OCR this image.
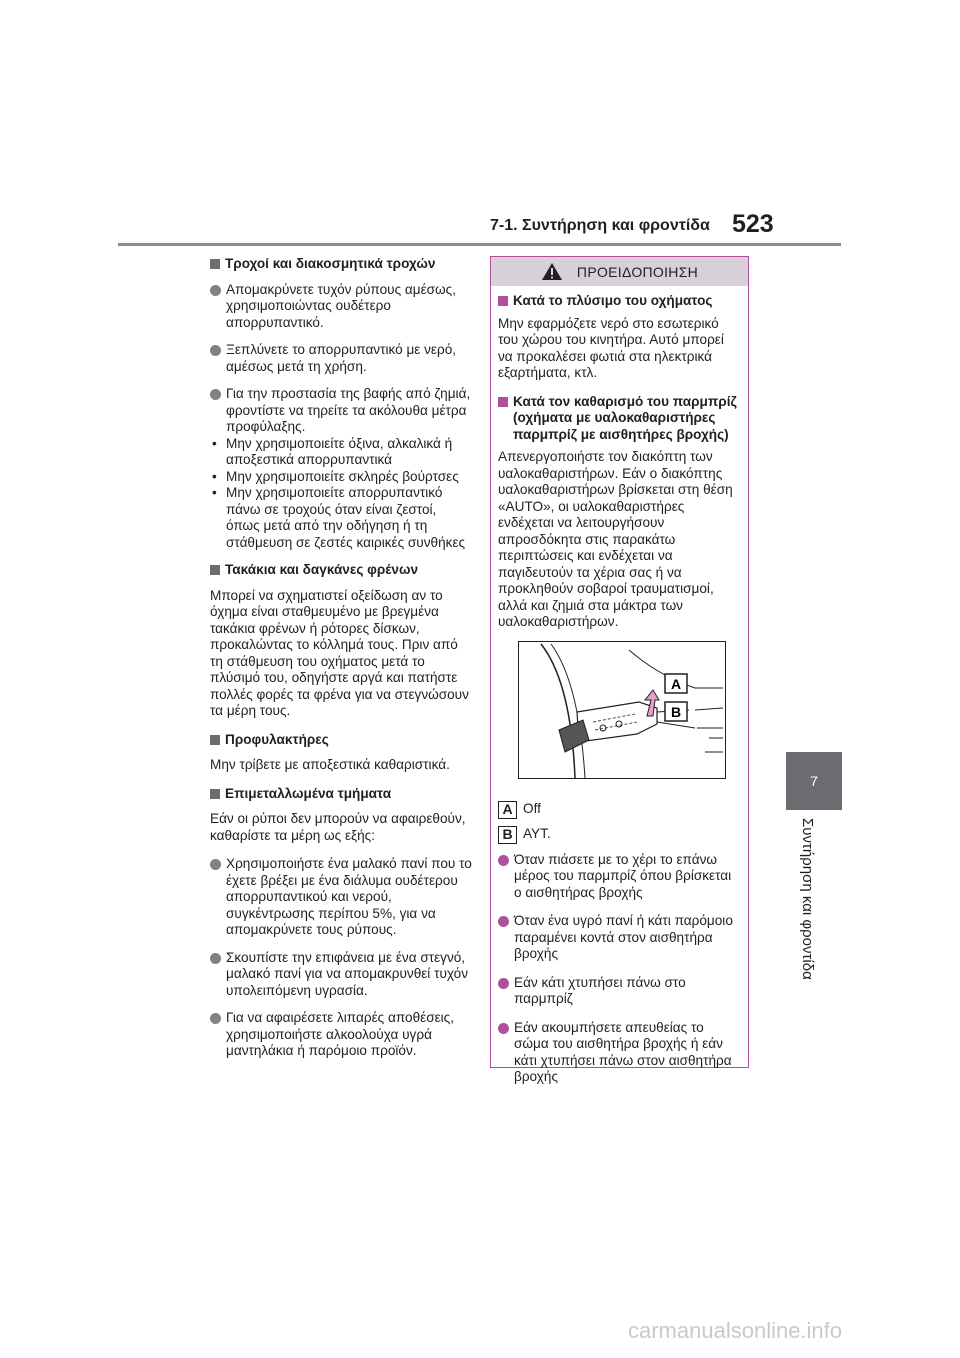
7-1. Συντήρηση και φροντίδα 523
7
Συντήρηση και φροντίδα
Τροχοί και διακοσμητικά τροχών
Απομακρύνετε τυχόν ρύπους αμέσως, χρησιμοποιώντας ουδέτερο απορρυπαντικό.
Ξεπλύνετε το απορρυπαντικό με νερό, αμέσως μετά τη χρήση.
Για την προστασία της βαφής από ζημιά, φροντίστε να τηρείτε τα ακόλουθα μέτρα προφύλαξης.
• Μην χρησιμοποιείτε όξινα, αλκαλικά ή αποξεστικά απορρυπαντικά
• Μην χρησιμοποιείτε σκληρές βούρτσες
• Μην χρησιμοποιείτε απορρυπαντικό πάνω σε τροχούς όταν είναι ζεστοί, όπως μετά από την οδήγηση ή τη στάθμευση σε ζεστές καιρικές συνθήκες
Τακάκια και δαγκάνες φρένων
Μπορεί να σχηματιστεί οξείδωση αν το όχημα είναι σταθμευμένο με βρεγμένα τακάκια φρένων ή ρότορες δίσκων, προκαλώντας το κόλλημά τους. Πριν από τη στάθμευση του οχήματος μετά το πλύσιμό του, οδηγήστε αργά και πατήστε πολλές φορές τα φρένα για να στεγνώσουν τα μέρη τους.
Προφυλακτήρες
Μην τρίβετε με αποξεστικά καθαριστικά.
Επιμεταλλωμένα τμήματα
Εάν οι ρύποι δεν μπορούν να αφαιρεθούν, καθαρίστε τα μέρη ως εξής:
Χρησιμοποιήστε ένα μαλακό πανί που το έχετε βρέξει με ένα διάλυμα ουδέτερου απορρυπαντικού και νερού, συγκέντρωσης περίπου 5%, για να απομακρύνετε τους ρύπους.
Σκουπίστε την επιφάνεια με ένα στεγνό, μαλακό πανί για να απομακρυνθεί τυχόν υπολειπόμενη υγρασία.
Για να αφαιρέσετε λιπαρές αποθέσεις, χρησιμοποιήστε αλκοολούχα υγρά μαντηλάκια ή παρόμοιο προϊόν.
ΠΡΟΕΙΔΟΠΟΙΗΣΗ
Κατά το πλύσιμο του οχήματος
Μην εφαρμόζετε νερό στο εσωτερικό του χώρου του κινητήρα. Αυτό μπορεί να προκαλέσει φωτιά στα ηλεκτρικά εξαρτήματα, κτλ.
Κατά τον καθαρισμό του παρμπρίζ (οχήματα με υαλοκαθαριστήρες παρμπρίζ με αισθητήρες βροχής)
Απενεργοποιήστε τον διακόπτη των υαλοκαθαριστήρων. Εάν ο διακόπτης υαλοκαθαριστήρων βρίσκεται στη θέση «AUTO», οι υαλοκαθαριστήρες ενδέχεται να λειτουργήσουν απροσδόκητα στις παρακάτω περιπτώσεις και ενδέχεται να παγιδευτούν τα χέρια σας ή να προκληθούν σοβαροί τραυματισμοί, αλλά και ζημιά στα μάκτρα των υαλοκαθαριστήρων.
A
B
A Off
B AYT.
Όταν πιάσετε με το χέρι το επάνω μέρος του παρμπρίζ όπου βρίσκεται ο αισθητήρας βροχής
Όταν ένα υγρό πανί ή κάτι παρόμοιο παραμένει κοντά στον αισθητήρα βροχής
Εάν κάτι χτυπήσει πάνω στο παρμπρίζ
Εάν ακουμπήσετε απευθείας το σώμα του αισθητήρα βροχής ή εάν κάτι χτυπήσει πάνω στον αισθητήρα βροχής
carmanualsonline.info
